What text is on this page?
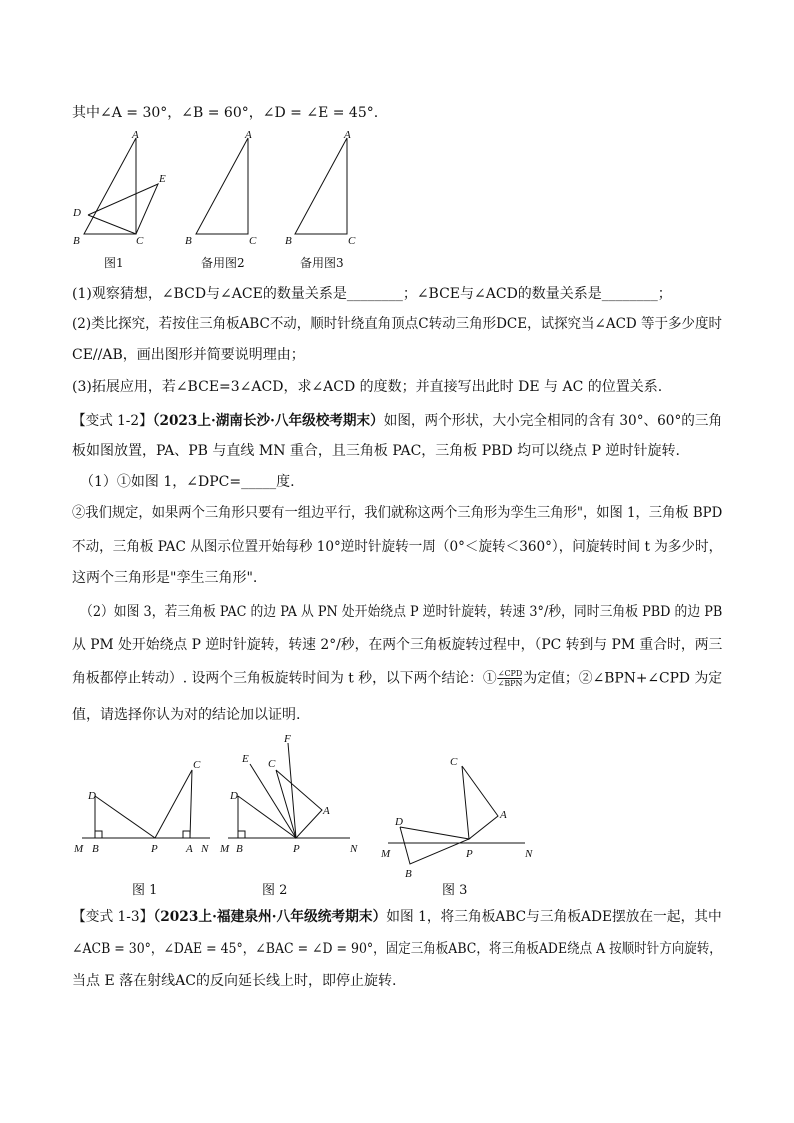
其中∠A = 30°，∠B = 60°，∠D = ∠E = 45°.
A
D
E
B	C
A
B	C
A
B	C
图1	备用图2	备用图3
(1)观察猜想，∠BCD与∠ACE的数量关系是________；∠BCE与∠ACD的数量关系是________；
(2)类比探究，若按住三角板ABC不动，顺时针绕直角顶点C转动三角形DCE，试探究当∠ACD 等于多少度时
CE//AB，画出图形并简要说明理由；
(3)拓展应用，若∠BCE=3∠ACD，求∠ACD 的度数；并直接写出此时 DE 与 AC 的位置关系.
【变式 1-2】（2023上·湖南长沙·八年级校考期末）如图，两个形状，大小完全相同的含有 30°、60°的三角
板如图放置，PA、PB 与直线 MN 重合，且三角板 PAC，三角板 PBD 均可以绕点 P 逆时针旋转.
（1）①如图 1，∠DPC=_____度.
②我们规定，如果两个三角形只要有一组边平行，我们就称这两个三角形为孪生三角形"，如图 1，三角板 BPD
不动，三角板 PAC 从图示位置开始每秒 10°逆时针旋转一周（0°＜旋转＜360°），问旋转时间 t 为多少时，
这两个三角形是"孪生三角形".
（2）如图 3，若三角板 PAC 的边 PA 从 PN 处开始绕点 P 逆时针旋转，转速 3°/秒，同时三角板 PBD 的边 PB
从 PM 处开始绕点 P 逆时针旋转，转速 2°/秒，在两个三角板旋转过程中，（PC 转到与 PM 重合时，两三
角板都停止转动）. 设两个三角板旋转时间为 t 秒，以下两个结论：① $\frac{\text{∠CPD}}{\text{∠BPN}}$ 为定值；②∠BPN+∠CPD 为定
值，请选择你认为对的结论加以证明.
M B
D
P	A N
C
M B
D
E C
F
A
P	N M
D
B
C
A
P	N
图 1	图 2	图 3
【变式 1-3】（2023上·福建泉州·八年级统考期末）如图 1，将三角板ABC与三角板ADE摆放在一起，其中
∠ACB = 30°，∠DAE = 45°，∠BAC = ∠D = 90°，固定三角板ABC，将三角板ADE绕点 A 按顺时针方向旋转，
当点 E 落在射线AC的反向延长线上时，即停止旋转.
